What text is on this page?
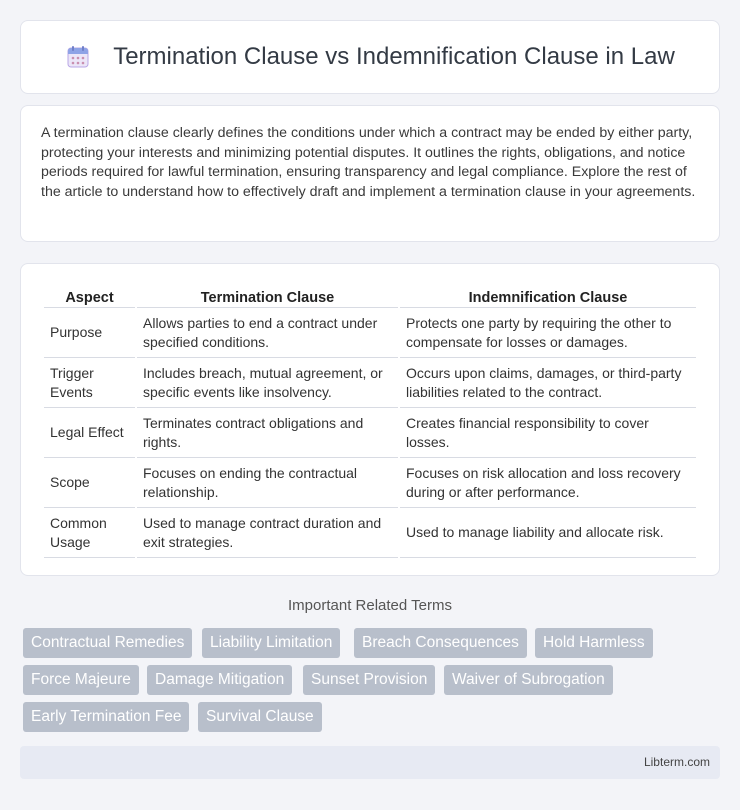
Termination Clause vs Indemnification Clause in Law

A termination clause clearly defines the conditions under which a contract may be ended by either party, protecting your interests and minimizing potential disputes. It outlines the rights, obligations, and notice periods required for lawful termination, ensuring transparency and legal compliance. Explore the rest of the article to understand how to effectively draft and implement a termination clause in your agreements.

Aspect	Termination Clause	Indemnification Clause
Purpose	Allows parties to end a contract under specified conditions.	Protects one party by requiring the other to compensate for losses or damages.
Trigger Events	Includes breach, mutual agreement, or specific events like insolvency.	Occurs upon claims, damages, or third-party liabilities related to the contract.
Legal Effect	Terminates contract obligations and rights.	Creates financial responsibility to cover losses.
Scope	Focuses on ending the contractual relationship.	Focuses on risk allocation and loss recovery during or after performance.
Common Usage	Used to manage contract duration and exit strategies.	Used to manage liability and allocate risk.
Important Related Terms
Contractual Remedies	Liability Limitation	Breach Consequences	Hold Harmless
Force Majeure	Damage Mitigation	Sunset Provision	Waiver of Subrogation
Early Termination Fee	Survival Clause
Libterm.com
